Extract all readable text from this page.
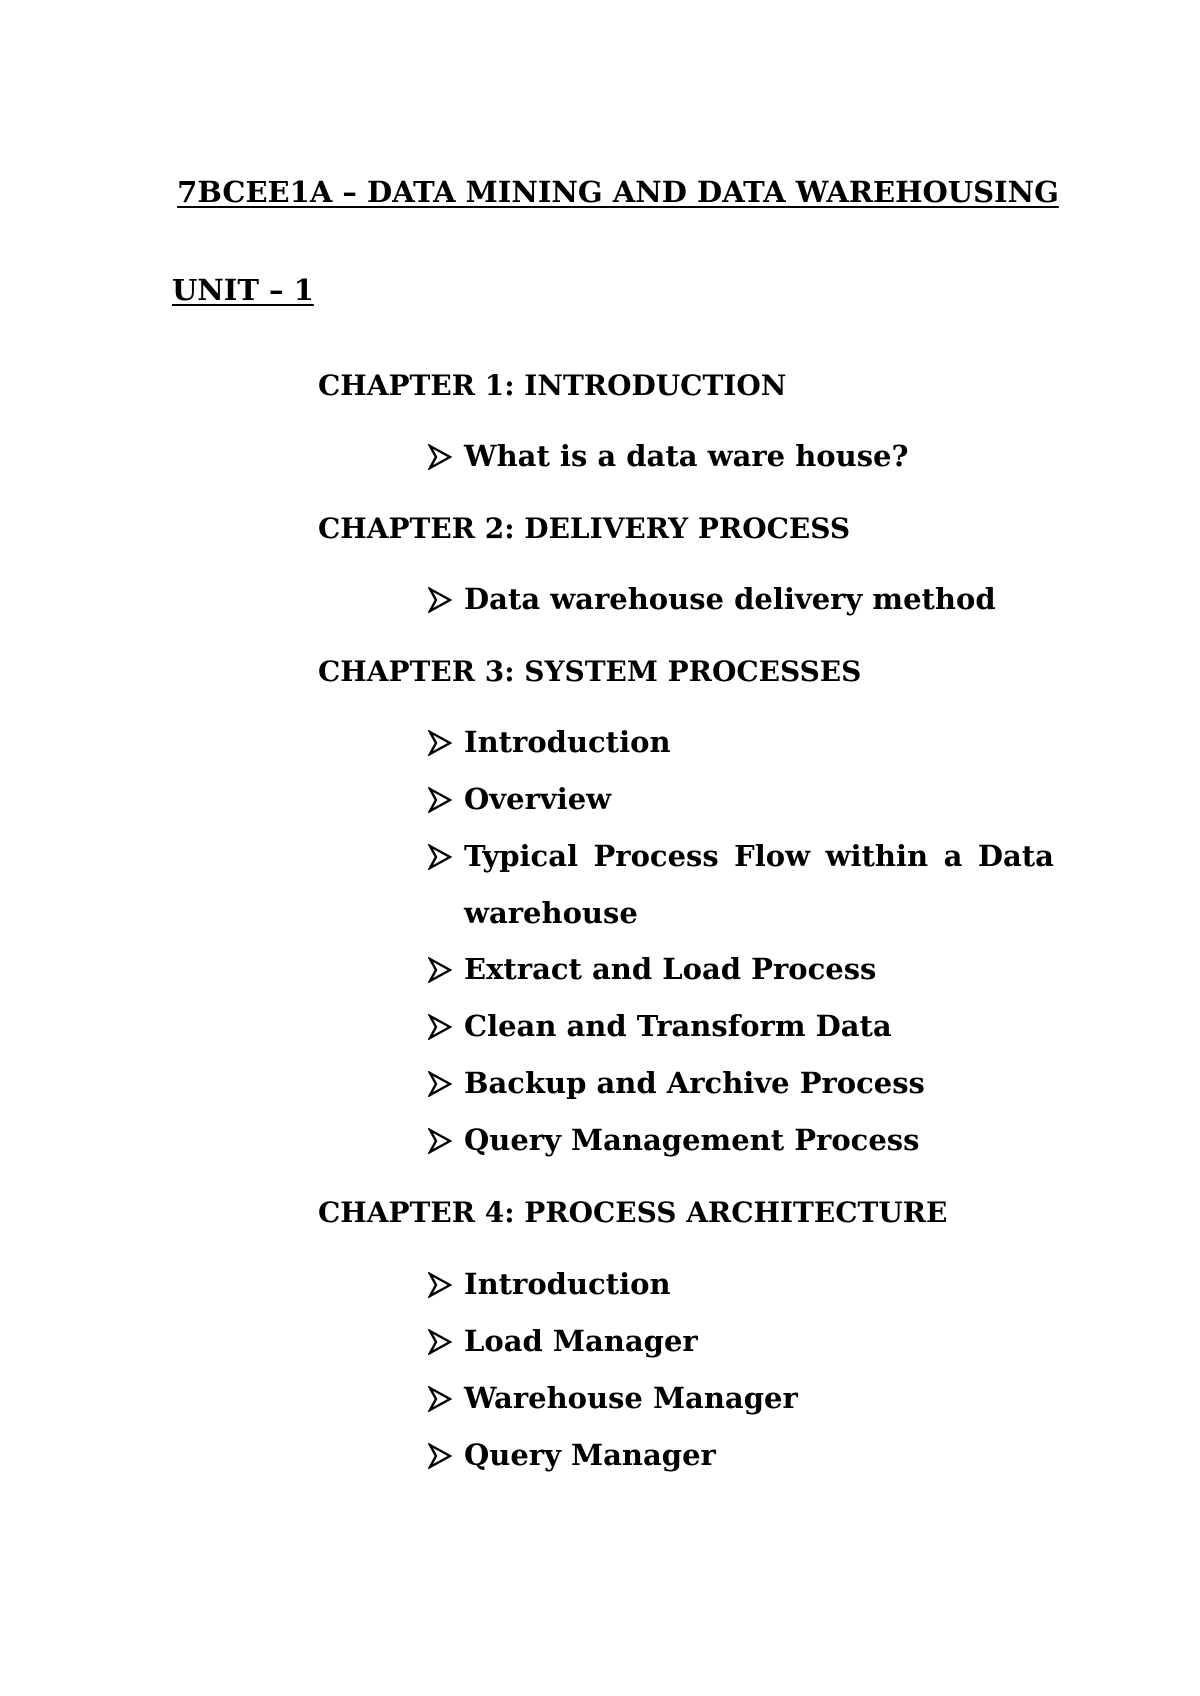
7BCEE1A – DATA MINING AND DATA WAREHOUSING
UNIT – 1
CHAPTER 1: INTRODUCTION
What is a data ware house?
CHAPTER 2: DELIVERY PROCESS
Data warehouse delivery method
CHAPTER 3: SYSTEM PROCESSES
Introduction
Overview
Typical Process Flow within a Data
warehouse
Extract and Load Process
Clean and Transform Data
Backup and Archive Process
Query Management Process
CHAPTER 4: PROCESS ARCHITECTURE
Introduction
Load Manager
Warehouse Manager
Query Manager
